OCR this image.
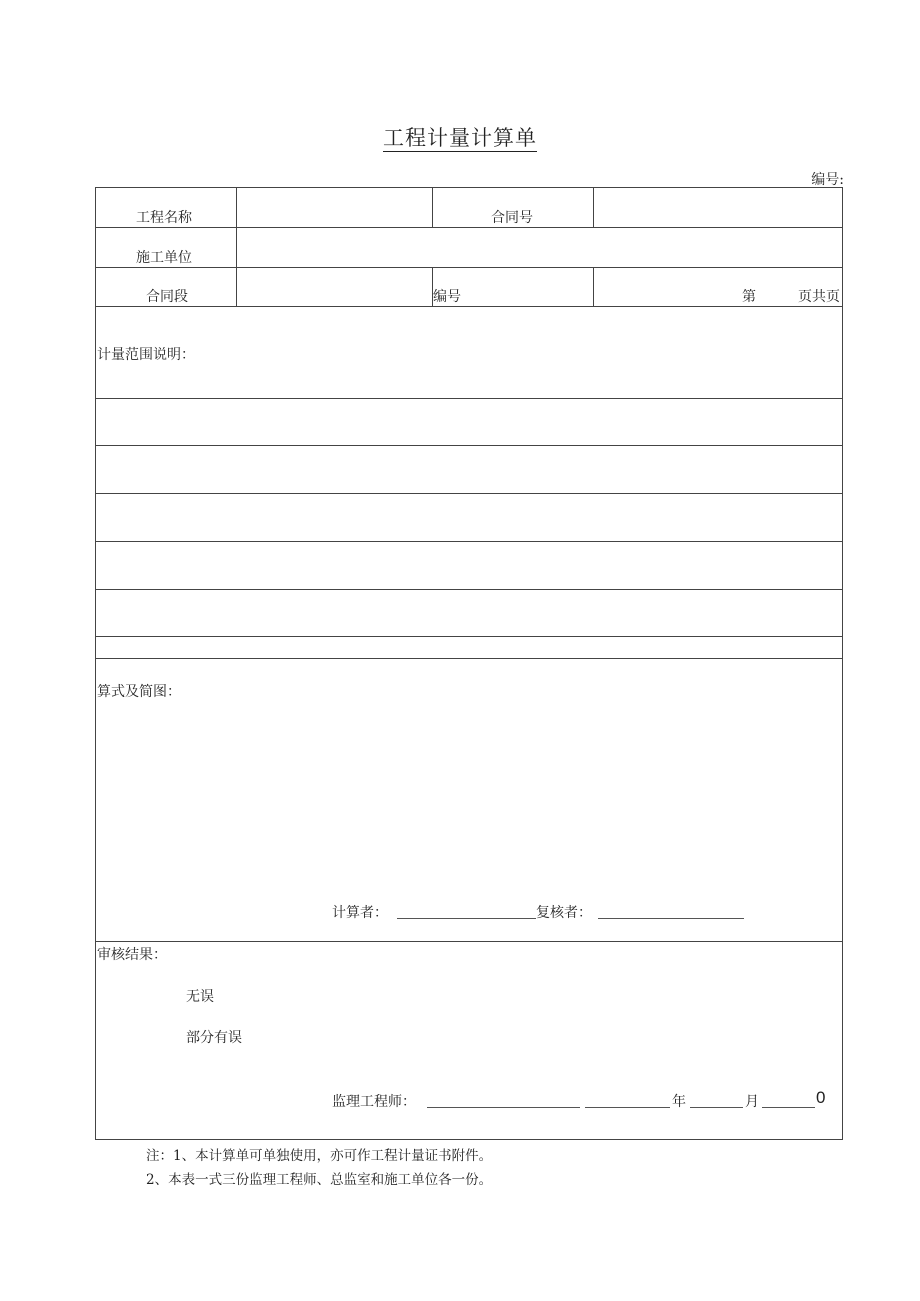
工程计量计算单
编号:
工程名称	合同号
施工单位
合同段	编号	第	页共页
计量范围说明：
算式及简图：
计算者：	复核者：
审核结果：
无误
部分有误
监理工程师：	年	月	0
注：1、本计算单可单独使用，亦可作工程计量证书附件。
2、本表一式三份监理工程师、总监室和施工单位各一份。
